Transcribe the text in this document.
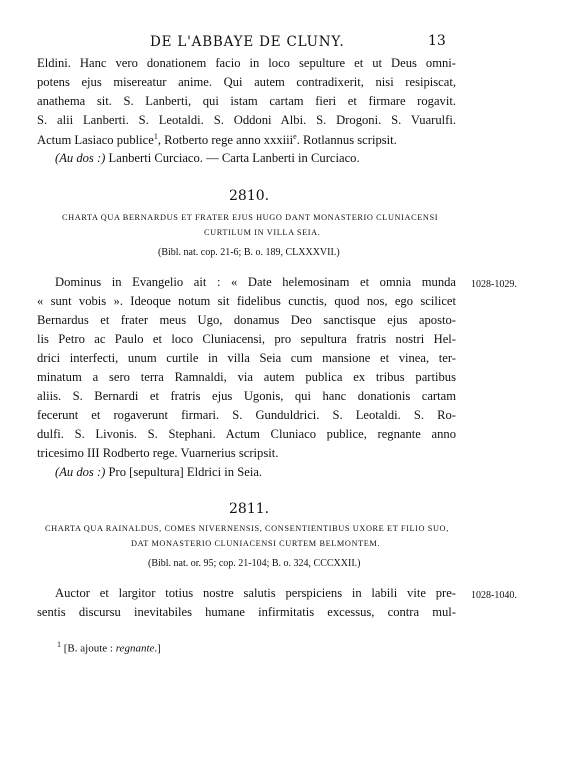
DE L'ABBAYE DE CLUNY.	13
Eldini. Hanc vero donationem facio in loco sepulture et ut Deus omni-
potens ejus misereatur anime. Qui autem contradixerit, nisi resipiscat,
anathema sit. S. Lanberti, qui istam cartam fieri et firmare rogavit.
S. alii Lanberti. S. Leotaldi. S. Oddoni Albi. S. Drogoni. S. Vuarulfi.
Actum Lasiaco publice$^1$, Rotberto rege anno xxxiii$^e$. Rotlannus scripsit.
(Au dos :) Lanberti Curciaco. — Carta Lanberti in Curciaco.
2810.
CHARTA QUA BERNARDUS ET FRATER EJUS HUGO DANT MONASTERIO CLUNIACENSI
CURTILUM IN VILLA SEIA.
(Bibl. nat. cop. 21-6; B. o. 189, CLXXXVII.)
1028-1029.
Dominus in Evangelio ait : « Date helemosinam et omnia munda
« sunt vobis ». Ideoque notum sit fidelibus cunctis, quod nos, ego scilicet
Bernardus et frater meus Ugo, donamus Deo sanctisque ejus aposto-
lis Petro ac Paulo et loco Cluniacensi, pro sepultura fratris nostri Hel-
drici interfecti, unum curtile in villa Seia cum mansione et vinea, ter-
minatum a sero terra Ramnaldi, via autem publica ex tribus partibus
aliis. S. Bernardi et fratris ejus Ugonis, qui hanc donationis cartam
fecerunt et rogaverunt firmari. S. Gunduldrici. S. Leotaldi. S. Ro-
dulfi. S. Livonis. S. Stephani. Actum Cluniaco publice, regnante anno
tricesimo III Rodberto rege. Vuarnerius scripsit.
(Au dos :) Pro [sepultura] Eldrici in Seia.
2811.
CHARTA QUA RAINALDUS, COMES NIVERNENSIS, CONSENTIENTIBUS UXORE ET FILIO SUO,
DAT MONASTERIO CLUNIACENSI CURTEM BELMONTEM.
(Bibl. nat. or. 95; cop. 21-104; B. o. 324, CCCXXII.)
1028-1040.
Auctor et largitor totius nostre salutis perspiciens in labili vite pre-
sentis discursu inevitabiles humane infirmitatis excessus, contra mul-
$^1$ [B. ajoute : regnante.]
